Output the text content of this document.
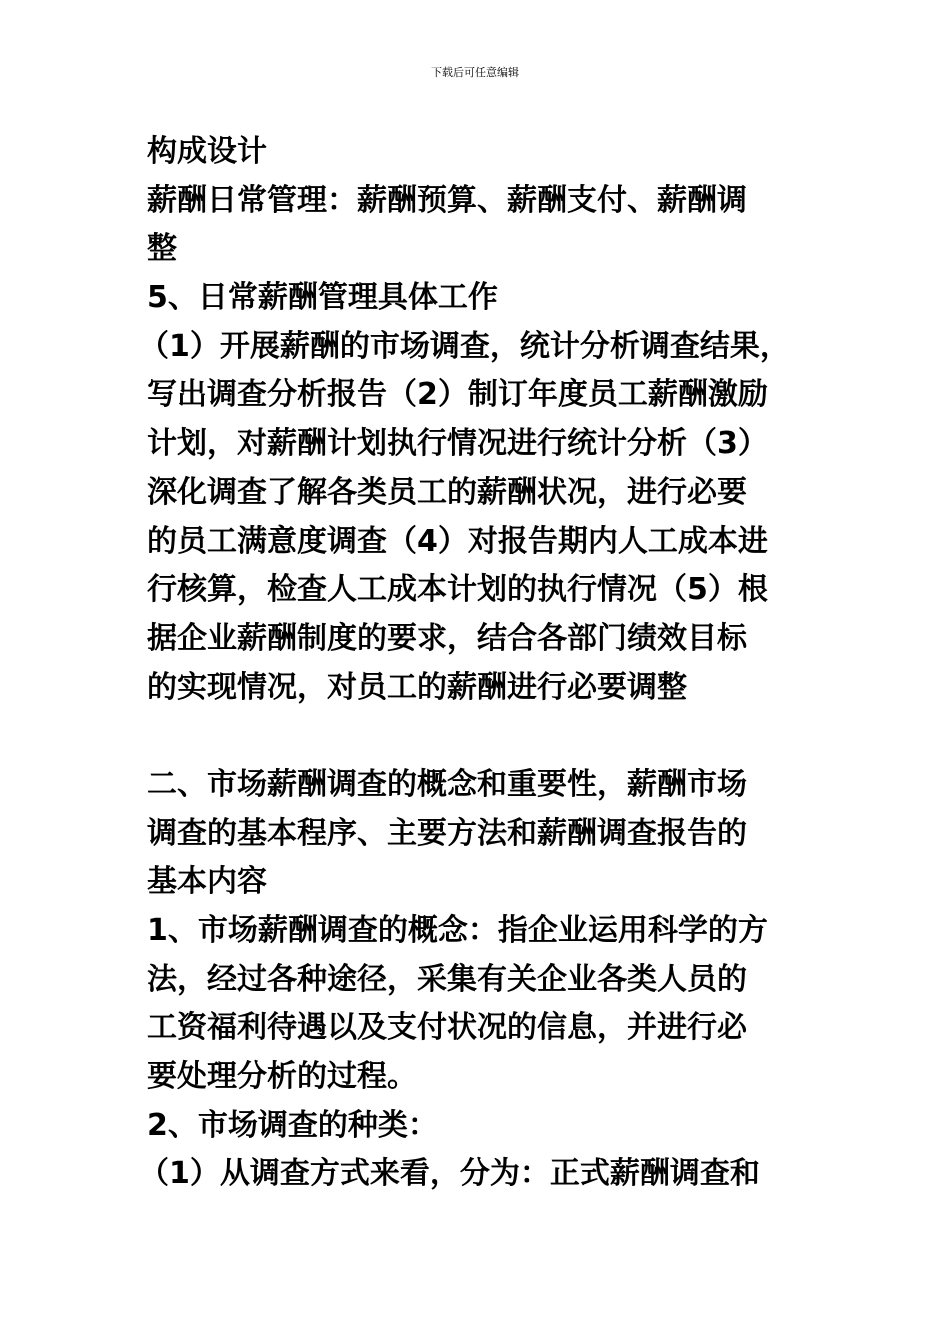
下载后可任意编辑
构成设计
薪酬日常管理：薪酬预算、薪酬支付、薪酬调
整
5、日常薪酬管理具体工作
（1）开展薪酬的市场调查，统计分析调查结果，
写出调查分析报告（2）制订年度员工薪酬激励
计划，对薪酬计划执行情况进行统计分析（3）
深化调查了解各类员工的薪酬状况，进行必要
的员工满意度调查（4）对报告期内人工成本进
行核算，检查人工成本计划的执行情况（5）根
据企业薪酬制度的要求，结合各部门绩效目标
的实现情况，对员工的薪酬进行必要调整
二、市场薪酬调查的概念和重要性，薪酬市场
调查的基本程序、主要方法和薪酬调查报告的
基本内容
1、市场薪酬调查的概念：指企业运用科学的方
法，经过各种途径，采集有关企业各类人员的
工资福利待遇以及支付状况的信息，并进行必
要处理分析的过程。
2、市场调查的种类：
（1）从调查方式来看，分为：正式薪酬调查和
